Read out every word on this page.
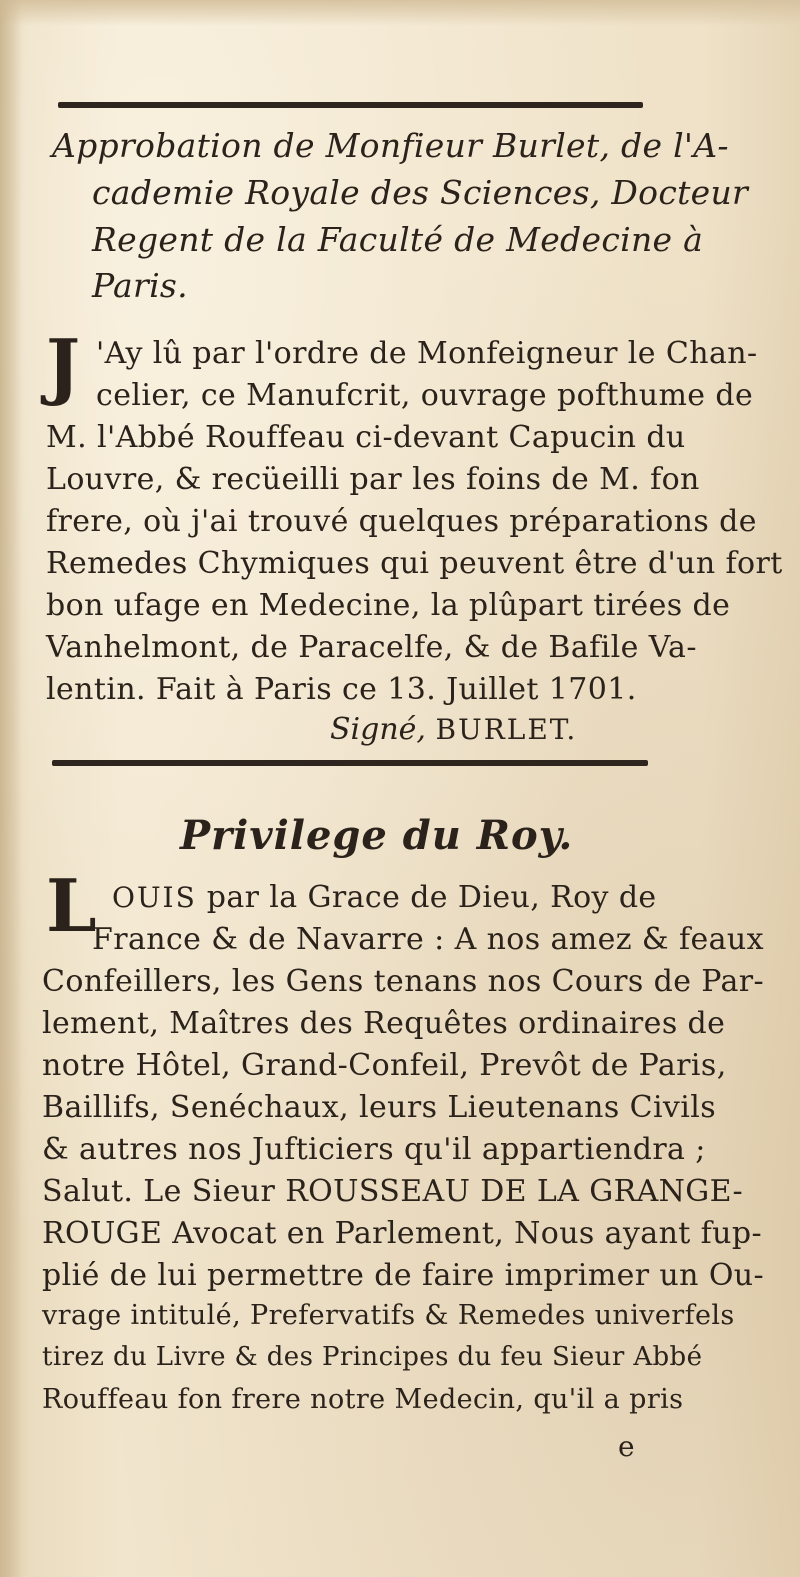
Approbation de Monfieur Burlet, de l'A-

cademie Royale des Sciences, Docteur

Regent de la Faculté de Medecine à

Paris.

J 'Ay lû par l'ordre de Monfeigneur le Chan-

celier, ce Manufcrit, ouvrage pofthume de

M. l'Abbé Rouffeau ci-devant Capucin du

Louvre, & recüeilli par les foins de M. fon

frere, où j'ai trouvé quelques préparations de

Remedes Chymiques qui peuvent être d'un fort

bon ufage en Medecine, la plûpart tirées de

Vanhelmont, de Paracelfe, & de Bafile Va-

lentin. Fait à Paris ce 13. Juillet 1701.

Signé, BURLET.

Privilege du Roy.

L OUIS par la Grace de Dieu, Roy de

France & de Navarre : A nos amez & feaux

Confeillers, les Gens tenans nos Cours de Par-

lement, Maîtres des Requêtes ordinaires de

notre Hôtel, Grand-Confeil, Prevôt de Paris,

Baillifs, Senéchaux, leurs Lieutenans Civils

& autres nos Jufticiers qu'il appartiendra ;

Salut. Le Sieur ROUSSEAU DE LA GRANGE-

ROUGE Avocat en Parlement, Nous ayant fup-

plié de lui permettre de faire imprimer un Ou-

vrage intitulé, Prefervatifs & Remedes univerfels

tirez du Livre & des Principes du feu Sieur Abbé

Rouffeau fon frere notre Medecin, qu'il a pris

e
